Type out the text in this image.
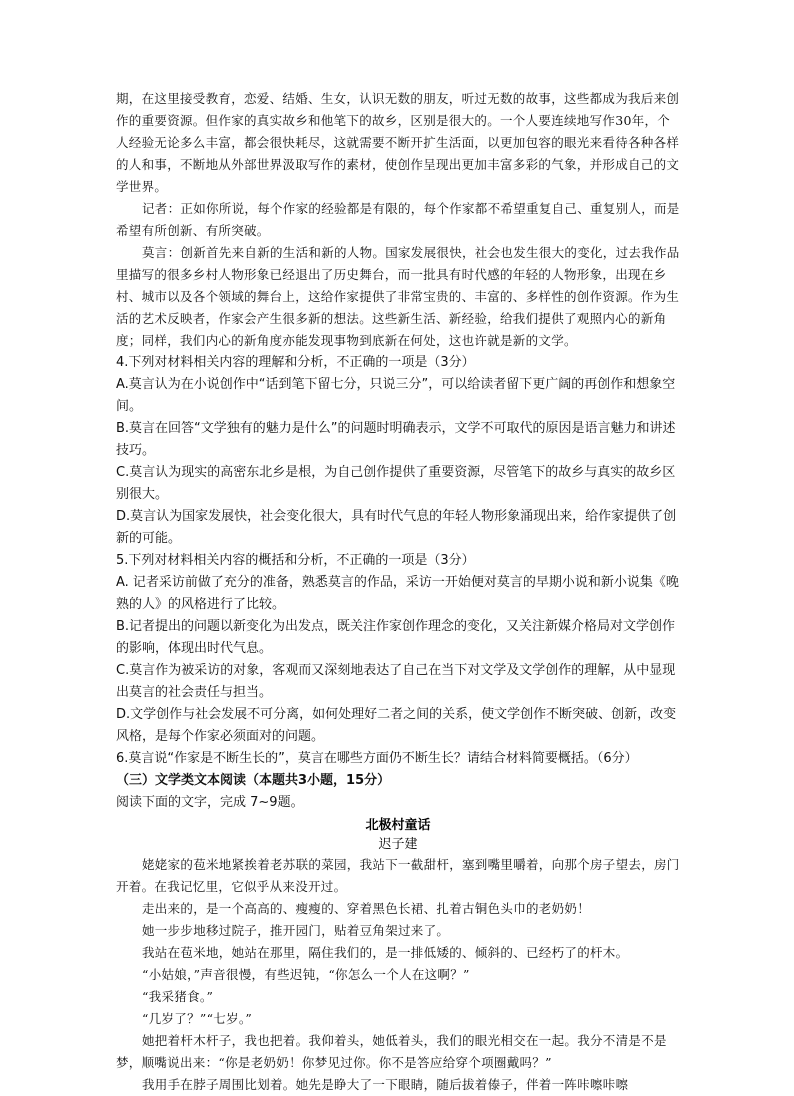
期，在这里接受教育，恋爱、结婚、生女，认识无数的朋友，听过无数的故事，这些都成为我后来创作的重要资源。但作家的真实故乡和他笔下的故乡，区别是很大的。一个人要连续地写作30年，个人经验无论多么丰富，都会很快耗尽，这就需要不断开扩生活面，以更加包容的眼光来看待各种各样的人和事，不断地从外部世界汲取写作的素材，使创作呈现出更加丰富多彩的气象，并形成自己的文学世界。

记者：正如你所说，每个作家的经验都是有限的，每个作家都不希望重复自己、重复别人，而是希望有所创新、有所突破。

莫言：创新首先来自新的生活和新的人物。国家发展很快，社会也发生很大的变化，过去我作品里描写的很多乡村人物形象已经退出了历史舞台，而一批具有时代感的年轻的人物形象，出现在乡村、城市以及各个领域的舞台上，这给作家提供了非常宝贵的、丰富的、多样性的创作资源。作为生活的艺术反映者，作家会产生很多新的想法。这些新生活、新经验，给我们提供了观照内心的新角度；同样，我们内心的新角度亦能发现事物到底新在何处，这也许就是新的文学。

4.下列对材料相关内容的理解和分析，不正确的一项是（3分）

A.莫言认为在小说创作中“话到笔下留七分，只说三分”，可以给读者留下更广阔的再创作和想象空间。

B.莫言在回答“文学独有的魅力是什么”的问题时明确表示，文学不可取代的原因是语言魅力和讲述技巧。

C.莫言认为现实的高密东北乡是根，为自己创作提供了重要资源，尽管笔下的故乡与真实的故乡区别很大。

D.莫言认为国家发展快，社会变化很大，具有时代气息的年轻人物形象涌现出来，给作家提供了创新的可能。

5.下列对材料相关内容的概括和分析，不正确的一项是（3分）

A. 记者采访前做了充分的准备，熟悉莫言的作品，采访一开始便对莫言的早期小说和新小说集《晚熟的人》的风格进行了比较。

B.记者提出的问题以新变化为出发点，既关注作家创作理念的变化，又关注新媒介格局对文学创作的影响，体现出时代气息。

C.莫言作为被采访的对象，客观而又深刻地表达了自己在当下对文学及文学创作的理解，从中显现出莫言的社会责任与担当。

D.文学创作与社会发展不可分离，如何处理好二者之间的关系，使文学创作不断突破、创新，改变风格，是每个作家必须面对的问题。

6.莫言说“作家是不断生长的”，莫言在哪些方面仍不断生长？请结合材料简要概括。（6分）

（三）文学类文本阅读（本题共3小题，15分）

阅读下面的文字，完成 7~9题。

北极村童话
迟子建

姥姥家的苞米地紧挨着老苏联的菜园，我站下一截甜杆，塞到嘴里嚼着，向那个房子望去，房门开着。在我记忆里，它似乎从来没开过。

走出来的，是一个高高的、瘦瘦的、穿着黑色长裙、扎着古铜色头巾的老奶奶！

她一步步地移过院子，推开园门，贴着豆角架过来了。

我站在苞米地，她站在那里，隔住我们的，是一排低矮的、倾斜的、已经朽了的杆木。

“小姑娘，”声音很慢，有些迟钝，“你怎么一个人在这啊？”

“我采猪食。”

“几岁了？”“七岁。”

她把着杆木杆子，我也把着。我仰着头，她低着头，我们的眼光相交在一起。我分不清是不是梦，顺嘴说出来：“你是老奶奶！你梦见过你。你不是答应给穿个项圈戴吗？”

我用手在脖子周围比划着。她先是睁大了一下眼睛，随后拔着傣子，伴着一阵咔嚓咔嚓
